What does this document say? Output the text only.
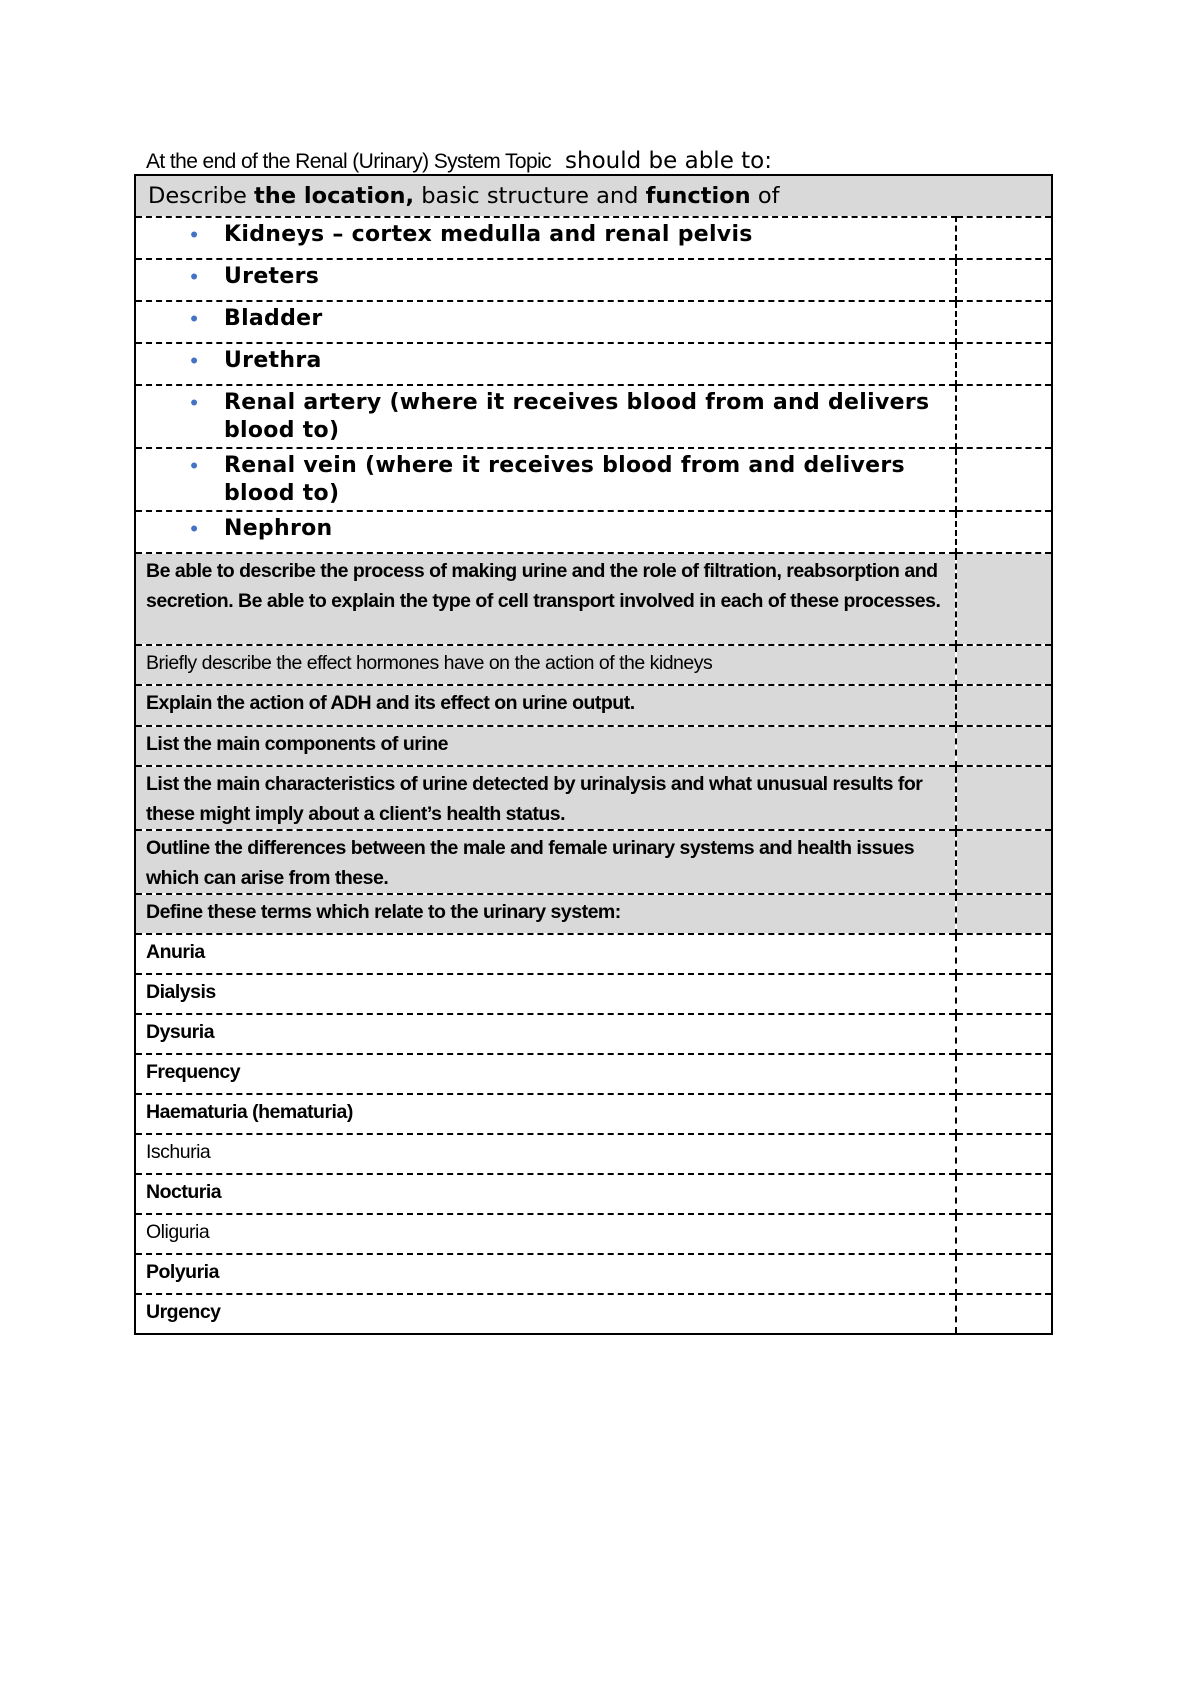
At the end of the Renal (Urinary) System Topic should be able to:
Describe the location, basic structure and function of	

• Kidneys – cortex medulla and renal pelvis	

• Ureters	

• Bladder	

• Urethra	

• Renal artery (where it receives blood from and delivers blood to)	

• Renal vein (where it receives blood from and delivers blood to)	

• Nephron	

Be able to describe the process of making urine and the role of filtration, reabsorption and secretion. Be able to explain the type of cell transport involved in each of these processes.	

Briefly describe the effect hormones have on the action of the kidneys	

Explain the action of ADH and its effect on urine output.	

List the main components of urine	

List the main characteristics of urine detected by urinalysis and what unusual results for these might imply about a client’s health status.	

Outline the differences between the male and female urinary systems and health issues which can arise from these.	

Define these terms which relate to the urinary system:	

Anuria	

Dialysis	

Dysuria	

Frequency	

Haematuria (hematuria)	

Ischuria	

Nocturia	

Oliguria	

Polyuria	

Urgency	
